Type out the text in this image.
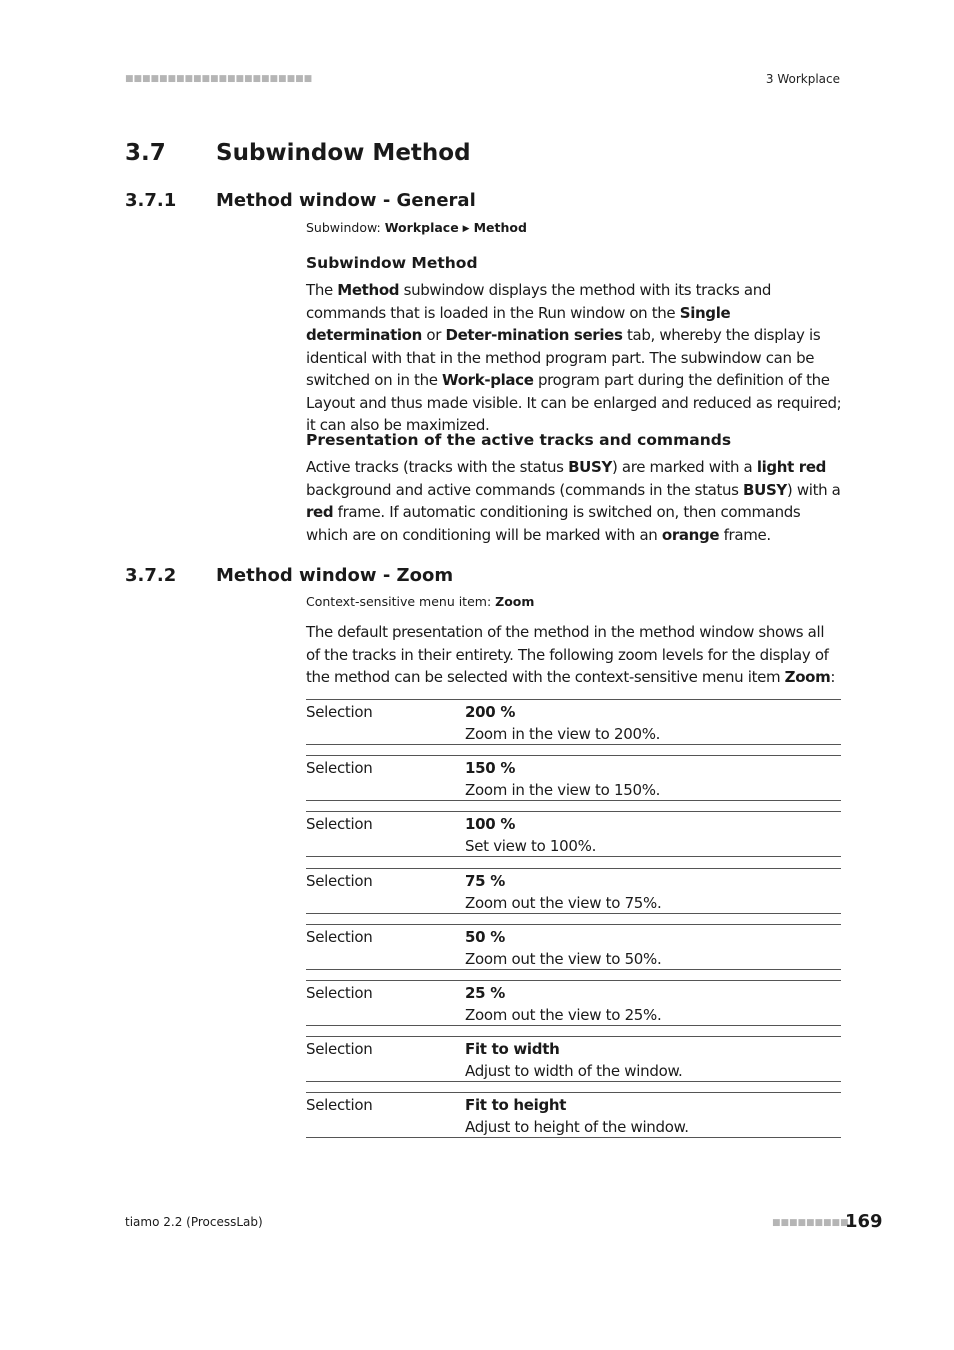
■■■■■■■■■■■■■■■■■■■■■■	3 Workplace
3.7 Subwindow Method
3.7.1 Method window - General
Subwindow: Workplace ▶ Method
Subwindow Method

The Method subwindow displays the method with its tracks and commands that is loaded in the Run window on the Single determination or Deter-mination series tab, whereby the display is identical with that in the method program part. The subwindow can be switched on in the Work-place program part during the definition of the Layout and thus made visible. It can be enlarged and reduced as required; it can also be maximized.

Presentation of the active tracks and commands

Active tracks (tracks with the status BUSY) are marked with a light red background and active commands (commands in the status BUSY) with a red frame. If automatic conditioning is switched on, then commands which are on conditioning will be marked with an orange frame.

3.7.2 Method window - Zoom
Context-sensitive menu item: Zoom

The default presentation of the method in the method window shows all of the tracks in their entirety. The following zoom levels for the display of the method can be selected with the context-sensitive menu item Zoom:

Selection	200 %
Zoom in the view to 200%.
Selection	150 %
Zoom in the view to 150%.
Selection	100 %
Set view to 100%.
Selection	75 %
Zoom out the view to 75%.
Selection	50 %
Zoom out the view to 50%.
Selection	25 %
Zoom out the view to 25%.
Selection	Fit to width
Adjust to width of the window.
Selection	Fit to height
Adjust to height of the window.
tiamo 2.2 (ProcessLab)	■■■■■■■■■
169
